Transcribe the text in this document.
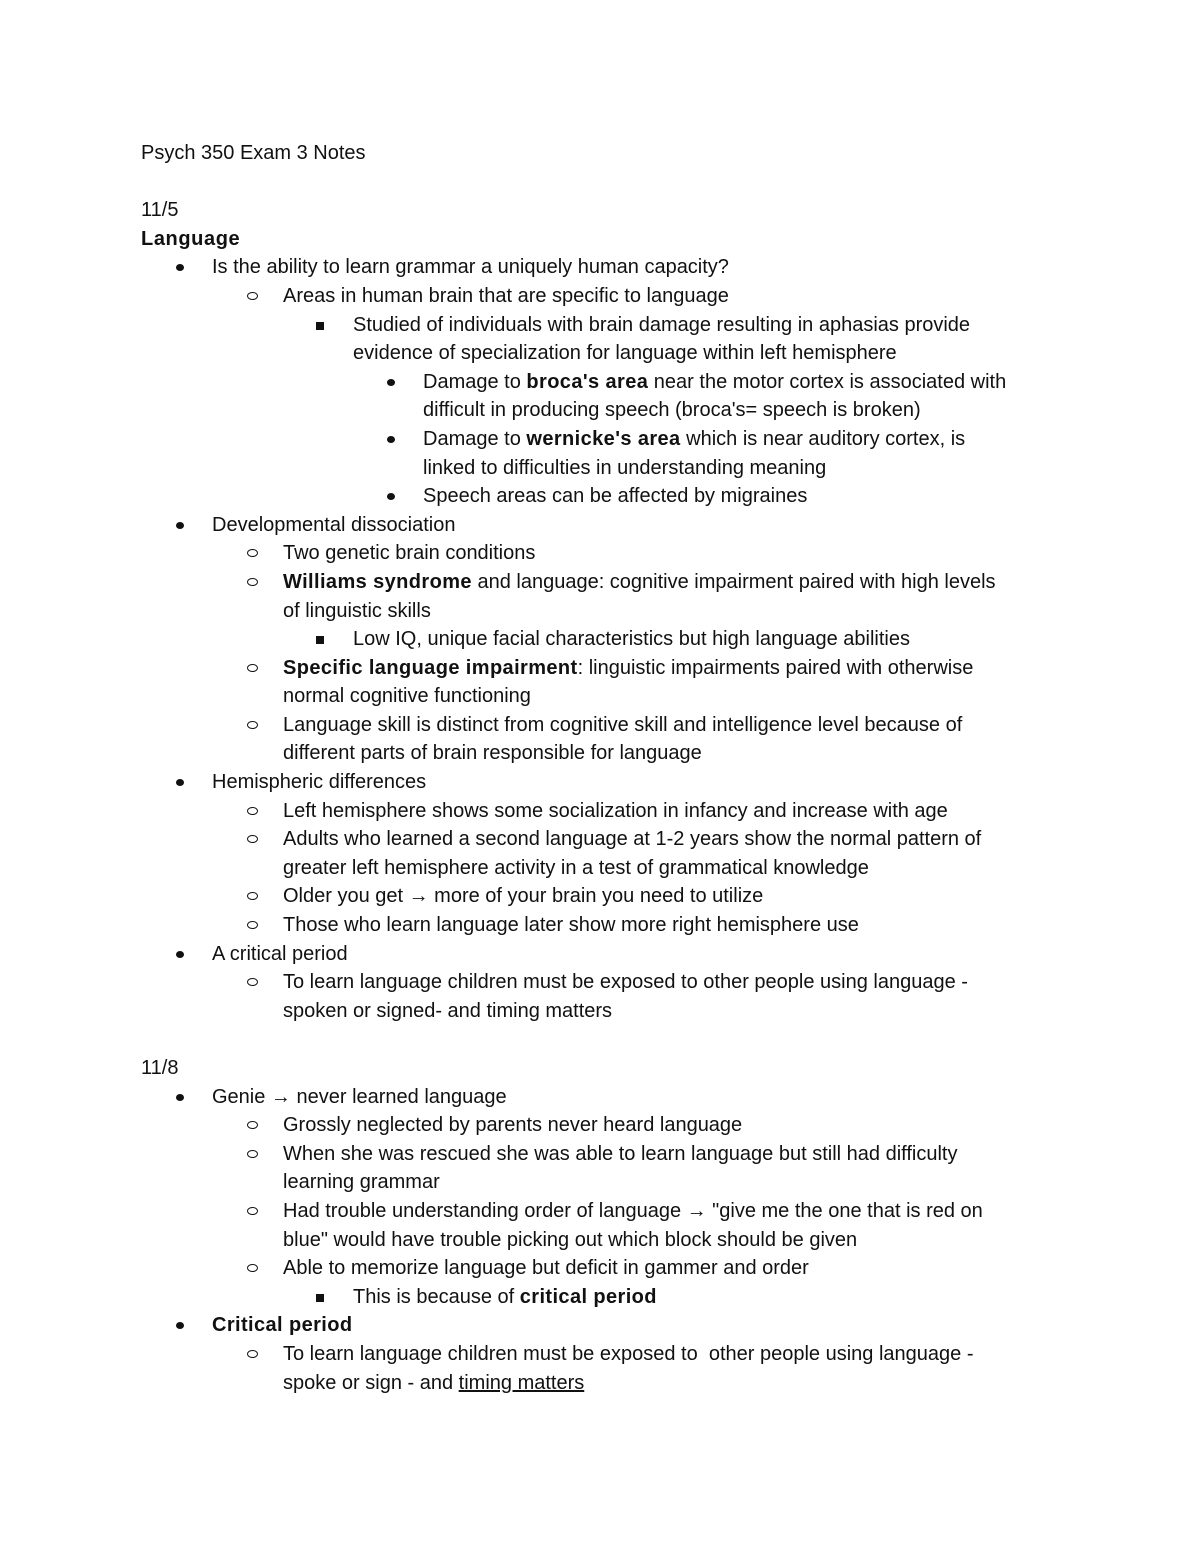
Psych 350 Exam 3 Notes
11/5
Language
Is the ability to learn grammar a uniquely human capacity?
Areas in human brain that are specific to language
Studied of individuals with brain damage resulting in aphasias provide
evidence of specialization for language within left hemisphere
Damage to broca's area near the motor cortex is associated with
difficult in producing speech (broca's= speech is broken)
Damage to wernicke's area which is near auditory cortex, is
linked to difficulties in understanding meaning
Speech areas can be affected by migraines
Developmental dissociation
Two genetic brain conditions
Williams syndrome and language: cognitive impairment paired with high levels
of linguistic skills
Low IQ, unique facial characteristics but high language abilities
Specific language impairment: linguistic impairments paired with otherwise
normal cognitive functioning
Language skill is distinct from cognitive skill and intelligence level because of
different parts of brain responsible for language
Hemispheric differences
Left hemisphere shows some socialization in infancy and increase with age
Adults who learned a second language at 1-2 years show the normal pattern of
greater left hemisphere activity in a test of grammatical knowledge
Older you get → more of your brain you need to utilize
Those who learn language later show more right hemisphere use
A critical period
To learn language children must be exposed to other people using language -
spoken or signed- and timing matters
11/8
Genie → never learned language
Grossly neglected by parents never heard language
When she was rescued she was able to learn language but still had difficulty
learning grammar
Had trouble understanding order of language → "give me the one that is red on
blue" would have trouble picking out which block should be given
Able to memorize language but deficit in gammer and order
This is because of critical period
Critical period
To learn language children must be exposed to  other people using language -
spoke or sign - and timing matters
